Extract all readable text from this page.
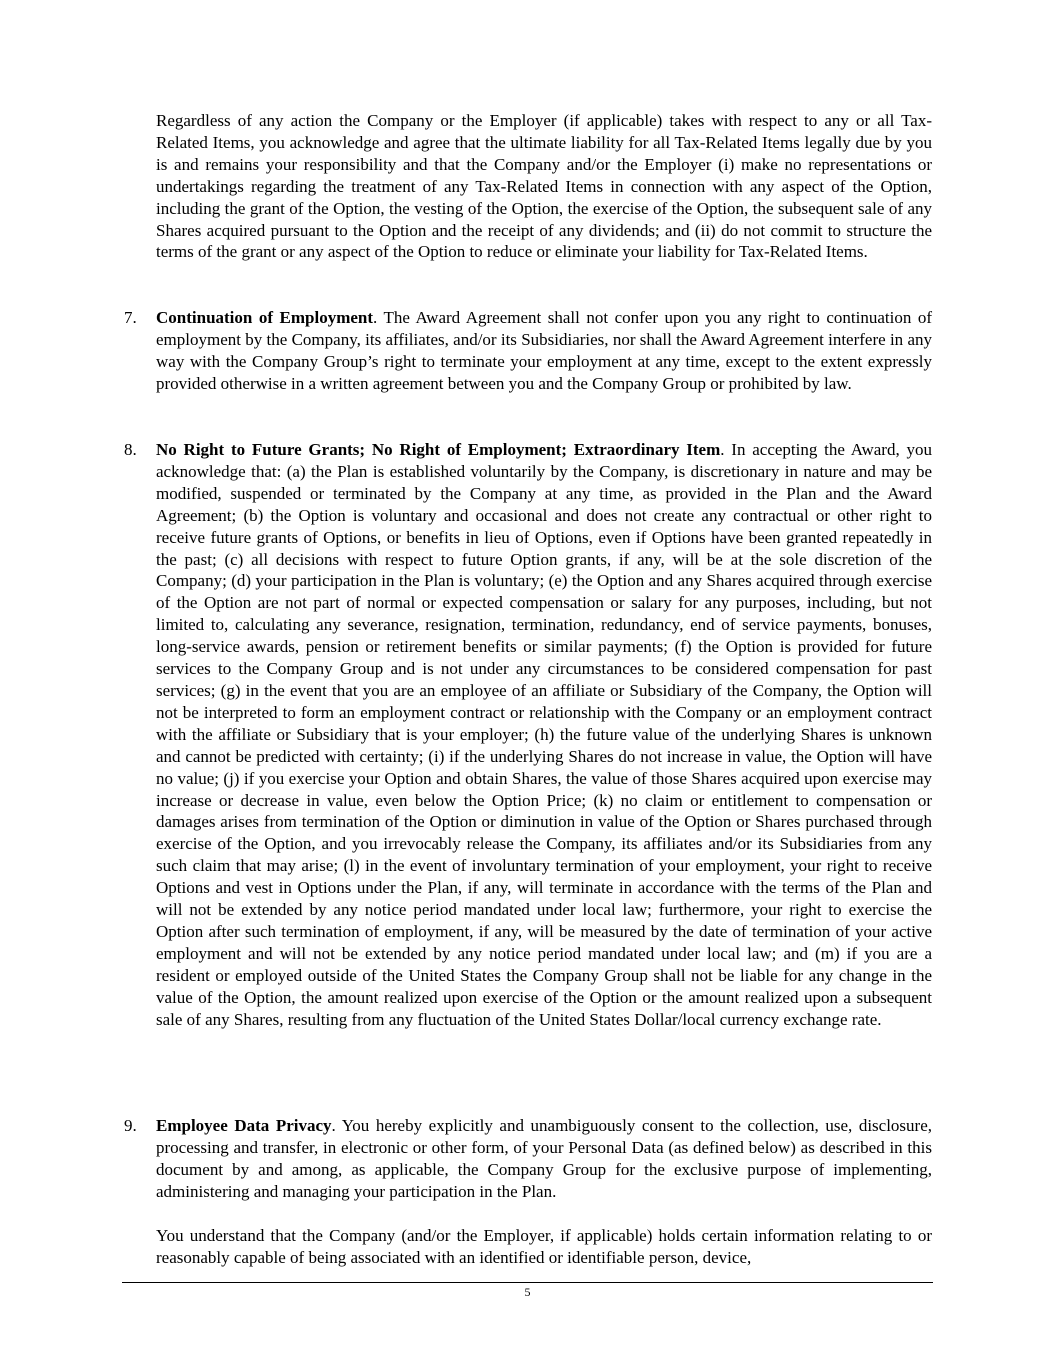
Regardless of any action the Company or the Employer (if applicable) takes with respect to any or all Tax-Related Items, you acknowledge and agree that the ultimate liability for all Tax-Related Items legally due by you is and remains your responsibility and that the Company and/or the Employer (i) make no representations or undertakings regarding the treatment of any Tax-Related Items in connection with any aspect of the Option, including the grant of the Option, the vesting of the Option, the exercise of the Option, the subsequent sale of any Shares acquired pursuant to the Option and the receipt of any dividends; and (ii) do not commit to structure the terms of the grant or any aspect of the Option to reduce or eliminate your liability for Tax-Related Items.

7. Continuation of Employment. The Award Agreement shall not confer upon you any right to continuation of employment by the Company, its affiliates, and/or its Subsidiaries, nor shall the Award Agreement interfere in any way with the Company Group’s right to terminate your employment at any time, except to the extent expressly provided otherwise in a written agreement between you and the Company Group or prohibited by law.

8. No Right to Future Grants; No Right of Employment; Extraordinary Item. In accepting the Award, you acknowledge that: (a) the Plan is established voluntarily by the Company, is discretionary in nature and may be modified, suspended or terminated by the Company at any time, as provided in the Plan and the Award Agreement; (b) the Option is voluntary and occasional and does not create any contractual or other right to receive future grants of Options, or benefits in lieu of Options, even if Options have been granted repeatedly in the past; (c) all decisions with respect to future Option grants, if any, will be at the sole discretion of the Company; (d) your participation in the Plan is voluntary; (e) the Option and any Shares acquired through exercise of the Option are not part of normal or expected compensation or salary for any purposes, including, but not limited to, calculating any severance, resignation, termination, redundancy, end of service payments, bonuses, long-service awards, pension or retirement benefits or similar payments; (f) the Option is provided for future services to the Company Group and is not under any circumstances to be considered compensation for past services; (g) in the event that you are an employee of an affiliate or Subsidiary of the Company, the Option will not be interpreted to form an employment contract or relationship with the Company or an employment contract with the affiliate or Subsidiary that is your employer; (h) the future value of the underlying Shares is unknown and cannot be predicted with certainty; (i) if the underlying Shares do not increase in value, the Option will have no value; (j) if you exercise your Option and obtain Shares, the value of those Shares acquired upon exercise may increase or decrease in value, even below the Option Price; (k) no claim or entitlement to compensation or damages arises from termination of the Option or diminution in value of the Option or Shares purchased through exercise of the Option, and you irrevocably release the Company, its affiliates and/or its Subsidiaries from any such claim that may arise; (l) in the event of involuntary termination of your employment, your right to receive Options and vest in Options under the Plan, if any, will terminate in accordance with the terms of the Plan and will not be extended by any notice period mandated under local law; furthermore, your right to exercise the Option after such termination of employment, if any, will be measured by the date of termination of your active employment and will not be extended by any notice period mandated under local law; and (m) if you are a resident or employed outside of the United States the Company Group shall not be liable for any change in the value of the Option, the amount realized upon exercise of the Option or the amount realized upon a subsequent sale of any Shares, resulting from any fluctuation of the United States Dollar/local currency exchange rate.

9. Employee Data Privacy. You hereby explicitly and unambiguously consent to the collection, use, disclosure, processing and transfer, in electronic or other form, of your Personal Data (as defined below) as described in this document by and among, as applicable, the Company Group for the exclusive purpose of implementing, administering and managing your participation in the Plan.

You understand that the Company (and/or the Employer, if applicable) holds certain information relating to or reasonably capable of being associated with an identified or identifiable person, device,

5
